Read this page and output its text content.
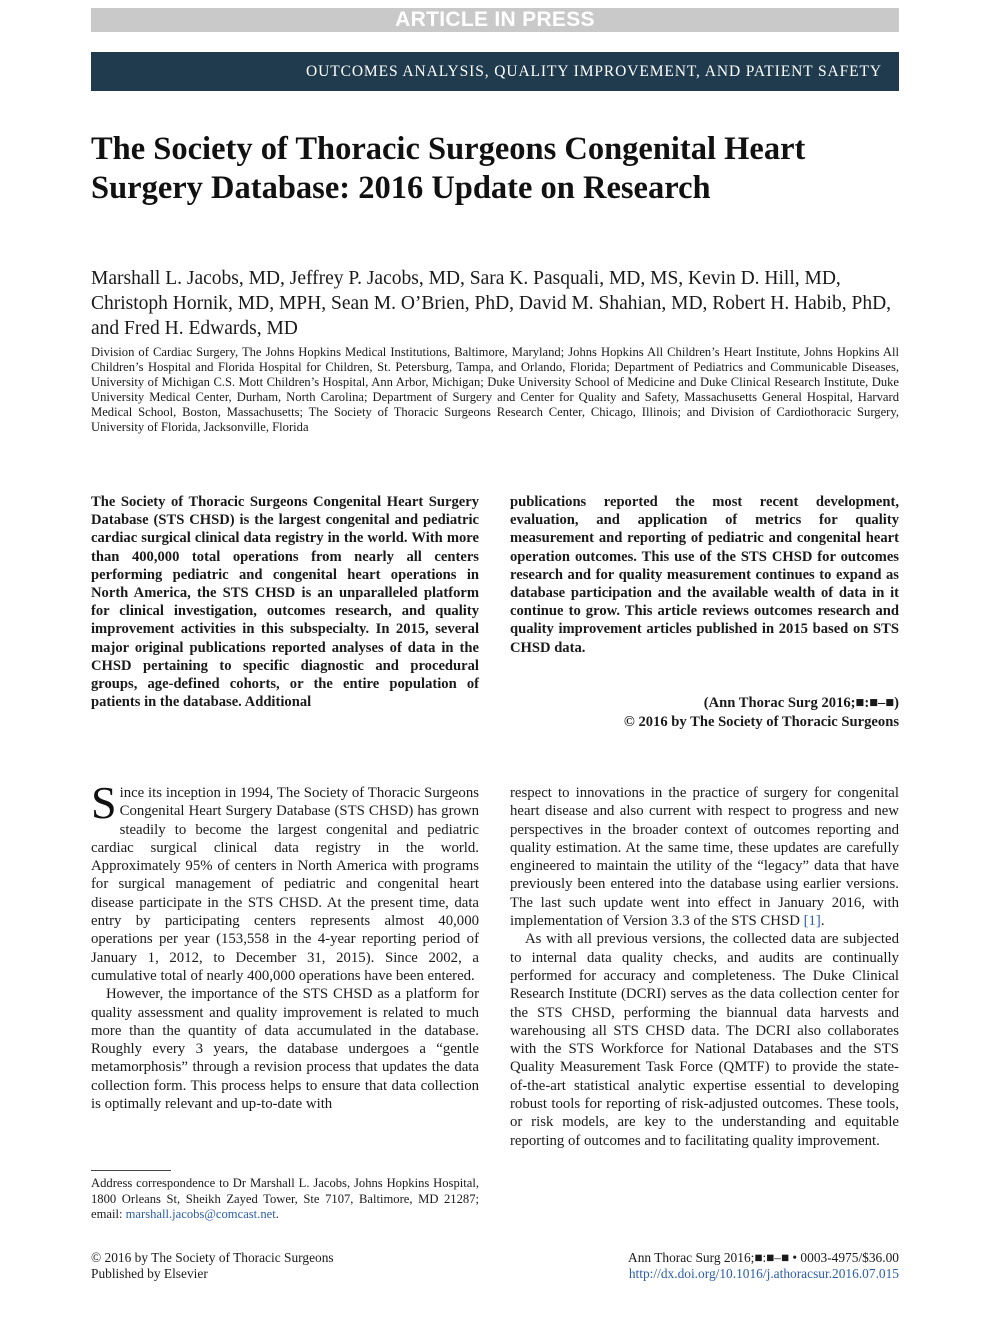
ARTICLE IN PRESS
OUTCOMES ANALYSIS, QUALITY IMPROVEMENT, AND PATIENT SAFETY
The Society of Thoracic Surgeons Congenital Heart Surgery Database: 2016 Update on Research
Marshall L. Jacobs, MD, Jeffrey P. Jacobs, MD, Sara K. Pasquali, MD, MS, Kevin D. Hill, MD, Christoph Hornik, MD, MPH, Sean M. O’Brien, PhD, David M. Shahian, MD, Robert H. Habib, PhD, and Fred H. Edwards, MD
Division of Cardiac Surgery, The Johns Hopkins Medical Institutions, Baltimore, Maryland; Johns Hopkins All Children’s Heart Institute, Johns Hopkins All Children’s Hospital and Florida Hospital for Children, St. Petersburg, Tampa, and Orlando, Florida; Department of Pediatrics and Communicable Diseases, University of Michigan C.S. Mott Children’s Hospital, Ann Arbor, Michigan; Duke University School of Medicine and Duke Clinical Research Institute, Duke University Medical Center, Durham, North Carolina; Department of Surgery and Center for Quality and Safety, Massachusetts General Hospital, Harvard Medical School, Boston, Massachusetts; The Society of Thoracic Surgeons Research Center, Chicago, Illinois; and Division of Cardiothoracic Surgery, University of Florida, Jacksonville, Florida
The Society of Thoracic Surgeons Congenital Heart Surgery Database (STS CHSD) is the largest congenital and pediatric cardiac surgical clinical data registry in the world. With more than 400,000 total operations from nearly all centers performing pediatric and congenital heart operations in North America, the STS CHSD is an unparalleled platform for clinical investigation, outcomes research, and quality improvement activities in this subspecialty. In 2015, several major original publications reported analyses of data in the CHSD pertaining to specific diagnostic and procedural groups, age-defined cohorts, or the entire population of patients in the database. Additional
publications reported the most recent development, evaluation, and application of metrics for quality measurement and reporting of pediatric and congenital heart operation outcomes. This use of the STS CHSD for outcomes research and for quality measurement continues to expand as database participation and the available wealth of data in it continue to grow. This article reviews outcomes research and quality improvement articles published in 2015 based on STS CHSD data.
(Ann Thorac Surg 2016;■:■–■)
© 2016 by The Society of Thoracic Surgeons

Since its inception in 1994, The Society of Thoracic Surgeons Congenital Heart Surgery Database (STS CHSD) has grown steadily to become the largest congenital and pediatric cardiac surgical clinical data registry in the world. Approximately 95% of centers in North America with programs for surgical management of pediatric and congenital heart disease participate in the STS CHSD. At the present time, data entry by participating centers represents almost 40,000 operations per year (153,558 in the 4-year reporting period of January 1, 2012, to December 31, 2015). Since 2002, a cumulative total of nearly 400,000 operations have been entered.

However, the importance of the STS CHSD as a platform for quality assessment and quality improvement is related to much more than the quantity of data accumulated in the database. Roughly every 3 years, the database undergoes a “gentle metamorphosis” through a revision process that updates the data collection form. This process helps to ensure that data collection is optimally relevant and up-to-date with

respect to innovations in the practice of surgery for congenital heart disease and also current with respect to progress and new perspectives in the broader context of outcomes reporting and quality estimation. At the same time, these updates are carefully engineered to maintain the utility of the “legacy” data that have previously been entered into the database using earlier versions. The last such update went into effect in January 2016, with implementation of Version 3.3 of the STS CHSD [1].

As with all previous versions, the collected data are subjected to internal data quality checks, and audits are continually performed for accuracy and completeness. The Duke Clinical Research Institute (DCRI) serves as the data collection center for the STS CHSD, performing the biannual data harvests and warehousing all STS CHSD data. The DCRI also collaborates with the STS Workforce for National Databases and the STS Quality Measurement Task Force (QMTF) to provide the state-of-the-art statistical analytic expertise essential to developing robust tools for reporting of risk-adjusted outcomes. These tools, or risk models, are key to the understanding and equitable reporting of outcomes and to facilitating quality improvement.

Address correspondence to Dr Marshall L. Jacobs, Johns Hopkins Hospital, 1800 Orleans St, Sheikh Zayed Tower, Ste 7107, Baltimore, MD 21287; email: marshall.jacobs@comcast.net.
© 2016 by The Society of Thoracic Surgeons
Published by Elsevier
Ann Thorac Surg 2016;■:■–■ • 0003-4975/$36.00
http://dx.doi.org/10.1016/j.athoracsur.2016.07.015
